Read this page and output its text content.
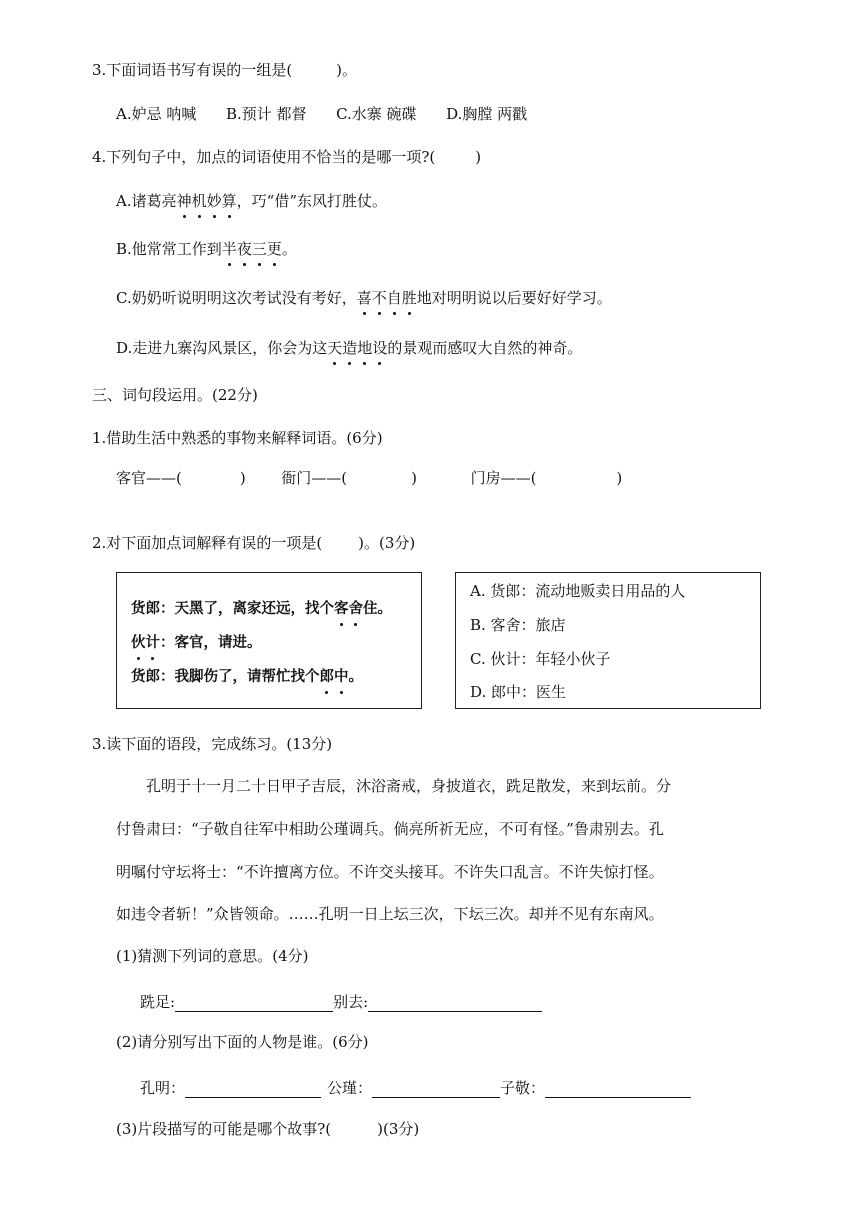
3.下面词语书写有误的一组是(	)。
A.妒忌 呐喊 B.预计 都督 C.水寨 碗碟 D.胸膛 两戳
4.下列句子中，加点的词语使用不恰当的是哪一项?(	)
A.诸葛亮神机妙算，巧“借”东风打胜仗。
B.他常常工作到半夜三更。
C.奶奶听说明明这次考试没有考好，喜不自胜地对明明说以后要好好学习。
D.走进九寨沟风景区，你会为这天造地设的景观而感叹大自然的神奇。
三、词句段运用。(22分)
1.借助生活中熟悉的事物来解释词语。(6分)
客官——(	) 衙门——(	)	门房——(	)
2.对下面加点词解释有误的一项是( )。(3分)
货郎：天黑了，离家还远，找个客舍住。
伙计：客官，请进。
货郎：我脚伤了，请帮忙找个郎中。
A. 货郎：流动地贩卖日用品的人
B. 客舍：旅店
C. 伙计：年轻小伙子
D. 郎中：医生
3.读下面的语段，完成练习。(13分)
孔明于十一月二十日甲子吉辰，沐浴斋戒，身披道衣，跣足散发，来到坛前。分
付鲁肃曰：“子敬自往军中相助公瑾调兵。倘亮所祈无应，不可有怪。”鲁肃别去。孔
明嘱付守坛将士：“不许擅离方位。不许交头接耳。不许失口乱言。不许失惊打怪。
如违令者斩！”众皆领命。……孔明一日上坛三次，下坛三次。却并不见有东南风。
(1)猜测下列词的意思。(4分)
跣足:	别去:
(2)请分别写出下面的人物是谁。(6分)
孔明：	公瑾：	子敬：
(3)片段描写的可能是哪个故事?(	)(3分)
